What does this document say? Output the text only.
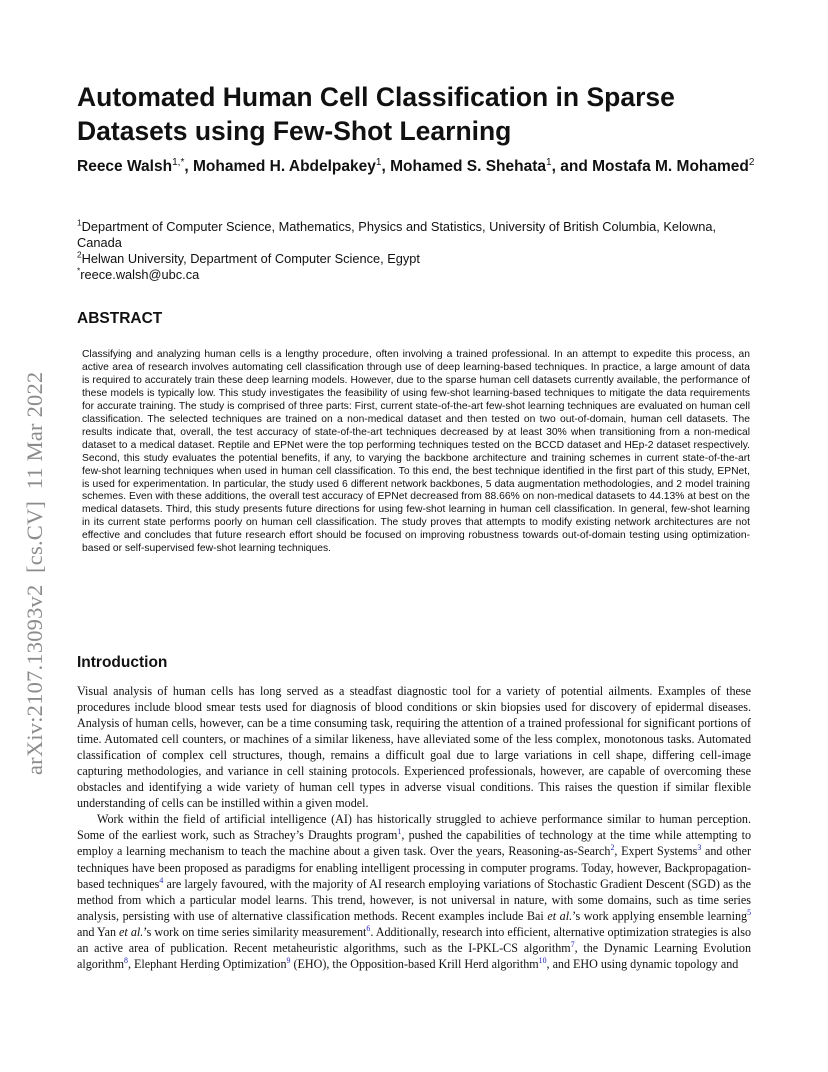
arXiv:2107.13093v2  [cs.CV]  11 Mar 2022
Automated Human Cell Classification in Sparse Datasets using Few-Shot Learning
Reece Walsh$^{1,*}$, Mohamed H. Abdelpakey$^1$, Mohamed S. Shehata$^1$, and Mostafa M. Mohamed$^2$
$^1$Department of Computer Science, Mathematics, Physics and Statistics, University of British Columbia, Kelowna, Canada
$^2$Helwan University, Department of Computer Science, Egypt
*reece.walsh@ubc.ca
ABSTRACT

Classifying and analyzing human cells is a lengthy procedure, often involving a trained professional. In an attempt to expedite this process, an active area of research involves automating cell classification through use of deep learning-based techniques. In practice, a large amount of data is required to accurately train these deep learning models. However, due to the sparse human cell datasets currently available, the performance of these models is typically low. This study investigates the feasibility of using few-shot learning-based techniques to mitigate the data requirements for accurate training. The study is comprised of three parts: First, current state-of-the-art few-shot learning techniques are evaluated on human cell classification. The selected techniques are trained on a non-medical dataset and then tested on two out-of-domain, human cell datasets. The results indicate that, overall, the test accuracy of state-of-the-art techniques decreased by at least 30% when transitioning from a non-medical dataset to a medical dataset. Reptile and EPNet were the top performing techniques tested on the BCCD dataset and HEp-2 dataset respectively. Second, this study evaluates the potential benefits, if any, to varying the backbone architecture and training schemes in current state-of-the-art few-shot learning techniques when used in human cell classification. To this end, the best technique identified in the first part of this study, EPNet, is used for experimentation. In particular, the study used 6 different network backbones, 5 data augmentation methodologies, and 2 model training schemes. Even with these additions, the overall test accuracy of EPNet decreased from 88.66% on non-medical datasets to 44.13% at best on the medical datasets. Third, this study presents future directions for using few-shot learning in human cell classification. In general, few-shot learning in its current state performs poorly on human cell classification. The study proves that attempts to modify existing network architectures are not effective and concludes that future research effort should be focused on improving robustness towards out-of-domain testing using optimization-based or self-supervised few-shot learning techniques.

Introduction

Visual analysis of human cells has long served as a steadfast diagnostic tool for a variety of potential ailments. Examples of these procedures include blood smear tests used for diagnosis of blood conditions or skin biopsies used for discovery of epidermal diseases. Analysis of human cells, however, can be a time consuming task, requiring the attention of a trained professional for significant portions of time. Automated cell counters, or machines of a similar likeness, have alleviated some of the less complex, monotonous tasks. Automated classification of complex cell structures, though, remains a difficult goal due to large variations in cell shape, differing cell-image capturing methodologies, and variance in cell staining protocols. Experienced professionals, however, are capable of overcoming these obstacles and identifying a wide variety of human cell types in adverse visual conditions. This raises the question if similar flexible understanding of cells can be instilled within a given model.

Work within the field of artificial intelligence (AI) has historically struggled to achieve performance similar to human perception. Some of the earliest work, such as Strachey’s Draughts program$^1$, pushed the capabilities of technology at the time while attempting to employ a learning mechanism to teach the machine about a given task. Over the years, Reasoning-as-Search$^2$, Expert Systems$^3$ and other techniques have been proposed as paradigms for enabling intelligent processing in computer programs. Today, however, Backpropagation-based techniques$^4$ are largely favoured, with the majority of AI research employing variations of Stochastic Gradient Descent (SGD) as the method from which a particular model learns. This trend, however, is not universal in nature, with some domains, such as time series analysis, persisting with use of alternative classification methods. Recent examples include Bai et al.’s work applying ensemble learning$^5$ and Yan et al.’s work on time series similarity measurement$^6$. Additionally, research into efficient, alternative optimization strategies is also an active area of publication. Recent metaheuristic algorithms, such as the I-PKL-CS algorithm$^7$, the Dynamic Learning Evolution algorithm$^8$, Elephant Herding Optimization$^9$ (EHO), the Opposition-based Krill Herd algorithm$^{10}$, and EHO using dynamic topology and
